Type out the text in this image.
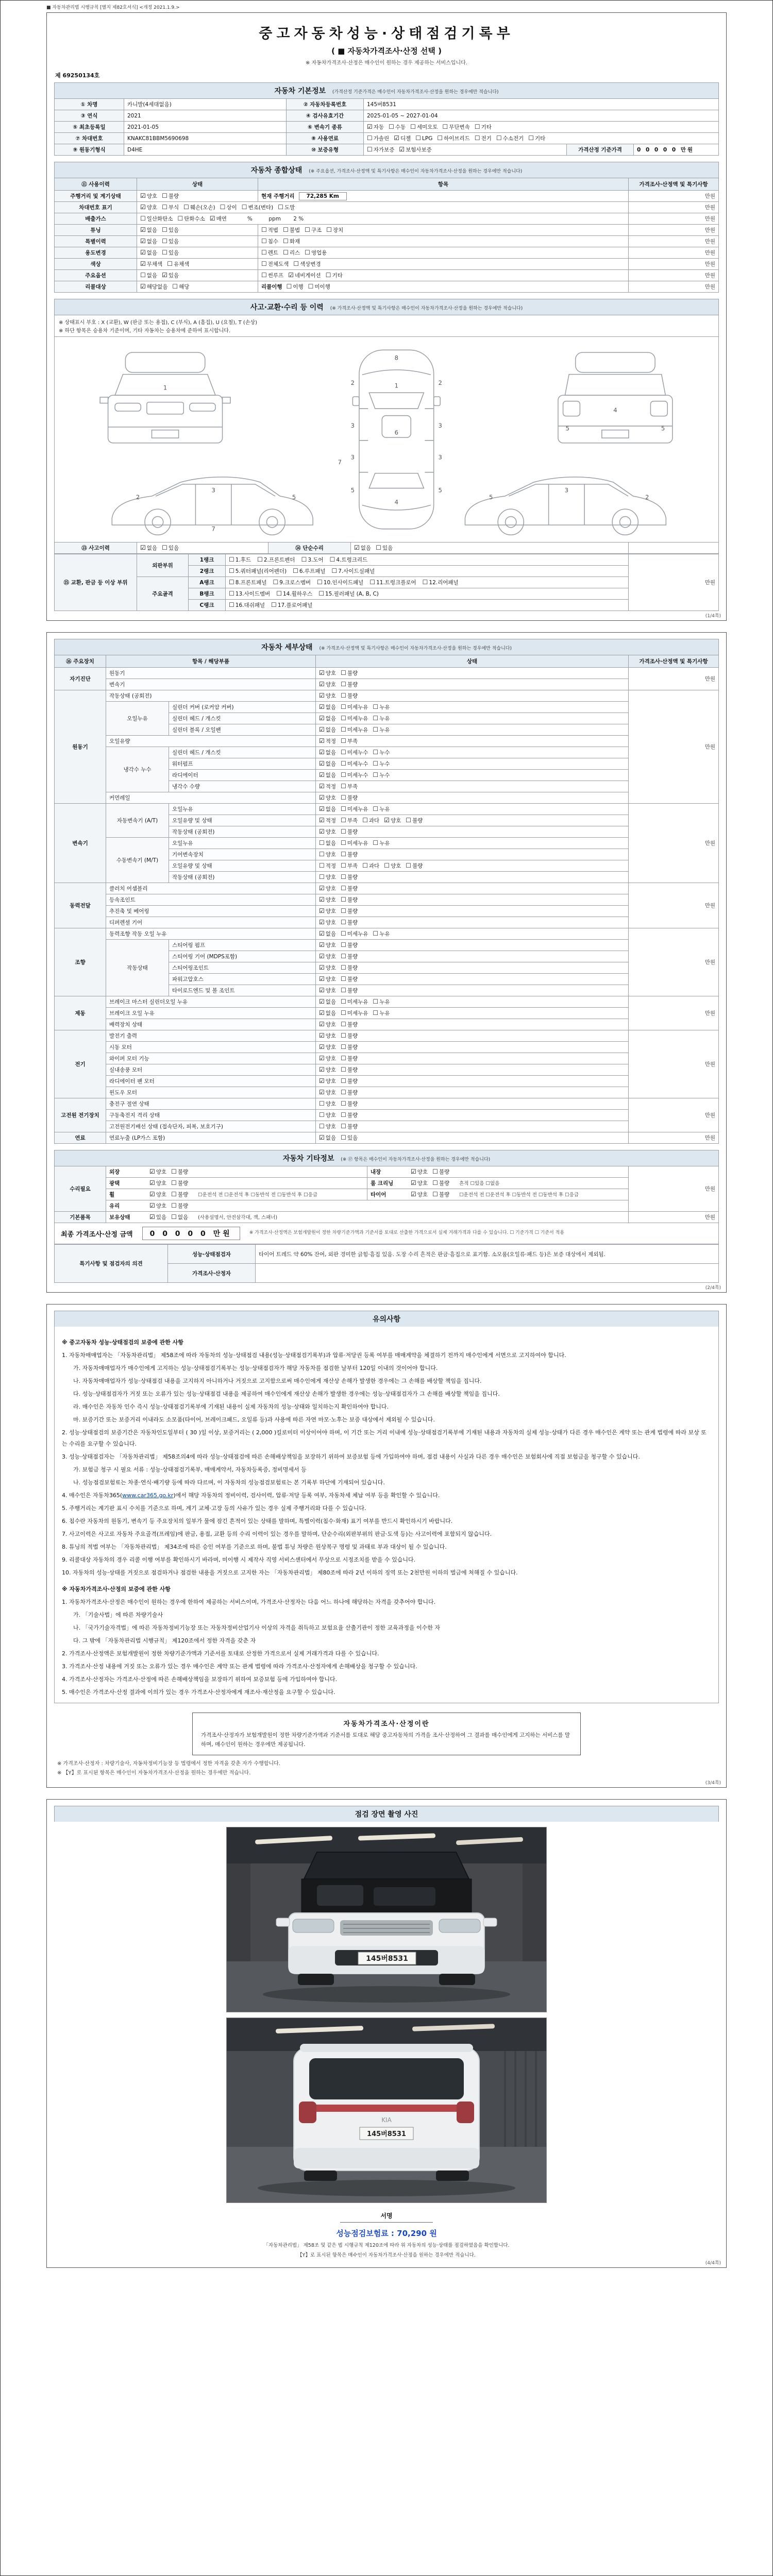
■ 자동차관리법 시행규칙 [별지 제82호서식] <개정 2021.1.9.>
중고자동차성능·상태점검기록부
( ■ 자동차가격조사·산정 선택 )
※ 자동차가격조사·산정은 매수인이 원하는 경우 제공하는 서비스입니다.
제 69250134호
자동차 기본정보 (가격산정 기준가격은 매수인이 자동차가격조사·산정을 원하는 경우에만 적습니다)
① 차명	카니발(4세대없음)	② 자동차등록번호	145버8531		
③ 연식	2021	④ 검사유효기간	2025-01-05 ~ 2027-01-04		
⑤ 최초등록일	2021-01-05	⑥ 변속기 종류	☑ 자동 ☐ 수동 ☐ 세미오토 ☐ 무단변속 ☐ 기타		
⑦ 차대번호	KNAKC81BBM5690698	⑧ 사용연료	☐ 가솔린 ☑ 디젤 ☐ LPG ☐ 하이브리드 ☐ 전기 ☐ 수소전기 ☐ 기타		
⑨ 원동기형식	D4HE	⑩ 보증유형	☐ 자가보증 ☑ 보험사보증	가격산정 기준가격	0 0 0 0 0 만원
자동차 종합상태 (※ 주요옵션, 가격조사·산정액 및 특기사항은 매수인이 자동차가격조사·산정을 원하는 경우에만 적습니다)
⑪ 사용이력	상태	항목	가격조사·산정액 및 특기사항
주행거리 및 계기상태	☑ 양호 ☐ 불량	현재 주행거리 72,285 Km	만원
차대번호 표기	☑ 양호 ☐ 부식 ☐ 훼손(오손) ☐ 상이 ☐ 변조(변타) ☐ 도말		만원
배출가스	☐ 일산화탄소 ☐ 탄화수소 ☑ 매연　　%　　　ppm　　 2 %		만원
튜닝	☑ 없음 ☐ 있음	☐ 적법 ☐ 불법 ☐ 구조 ☐ 장치	만원
특별이력	☑ 없음 ☐ 있음	☐ 침수 ☐ 화재	만원
용도변경	☑ 없음 ☐ 있음	☐ 렌트 ☐ 리스 ☐ 영업용	만원
색상	☑ 무채색 ☐ 유채색	☐ 전체도색 ☐ 색상변경	만원
주요옵션	☐ 없음 ☑ 있음	☐ 썬루프 ☑ 네비게이션 ☐ 기타	만원
리콜대상	☑ 해당없음 ☐ 해당	리콜이행 ☐ 이행 ☐ 미이행	만원
사고·교환·수리 등 이력 (※ 가격조사·산정액 및 특기사항은 매수인이 자동차가격조사·산정을 원하는 경우에만 적습니다)
※ 상태표시 부호 : X (교환), W (판금 또는 용접), C (부식), A (흠집), U (요철), T (손상)
※ 하단 항목은 승용차 기준이며, 기타 자동차는 승용차에 준하여 표시합니다.
1
4
5	5
1
8
6
4
2	2
3	3
3	3
5	5
7
2
3
5
7
5
3
2
⑬ 사고이력	☑ 없음 ☐ 있음	⑭ 단순수리	☑ 없음 ☐ 있음	
⑮ 교환, 판금 등 이상 부위	외판부위	1랭크	☐ 1.후드 ☐ 2.프론트펜더 ☐ 3.도어 ☐ 4.트렁크리드	만원
		2랭크	☐ 5.쿼터패널(리어펜더) ☐ 6.루프패널 ☐ 7.사이드실패널	
	주요골격	A랭크	☐ 8.프론트패널 ☐ 9.크로스멤버 ☐ 10.인사이드패널 ☐ 11.트렁크플로어 ☐ 12.리어패널	
		B랭크	☐ 13.사이드멤버 ☐ 14.휠하우스 ☐ 15.필러패널 (A, B, C)	
		C랭크	☐ 16.대쉬패널 ☐ 17.플로어패널	
(1/4쪽)
자동차 세부상태 (※ 가격조사·산정액 및 특기사항은 매수인이 자동차가격조사·산정을 원하는 경우에만 적습니다)
⑯ 주요장치	항목 / 해당부품		상태	가격조사·산정액 및 특기사항
자기진단	원동기		☑ 양호 ☐ 불량	만원
	변속기		☑ 양호 ☐ 불량	
원동기	작동상태 (공회전)		☑ 양호 ☐ 불량	만원
	오일누유	실린더 커버 (로커암 커버)	☑ 없음 ☐ 미세누유 ☐ 누유	
		실린더 헤드 / 개스킷	☑ 없음 ☐ 미세누유 ☐ 누유	
		실린더 블록 / 오일팬	☑ 없음 ☐ 미세누유 ☐ 누유	
	오일유량		☑ 적정 ☐ 부족	
	냉각수 누수	실린더 헤드 / 개스킷	☑ 없음 ☐ 미세누수 ☐ 누수	
		워터펌프	☑ 없음 ☐ 미세누수 ☐ 누수	
		라디에이터	☑ 없음 ☐ 미세누수 ☐ 누수	
		냉각수 수량	☑ 적정 ☐ 부족	
	커먼레일		☑ 양호 ☐ 불량	
변속기	자동변속기 (A/T)	오일누유	☑ 없음 ☐ 미세누유 ☐ 누유	만원
		오일유량 및 상태	☑ 적정 ☐ 부족 ☐ 과다 ☑ 양호 ☐ 불량	
		작동상태 (공회전)	☑ 양호 ☐ 불량	
	수동변속기 (M/T)	오일누유	☐ 없음 ☐ 미세누유 ☐ 누유	
		기어변속장치	☐ 양호 ☐ 불량	
		오일유량 및 상태	☐ 적정 ☐ 부족 ☐ 과다 ☐ 양호 ☐ 불량	
		작동상태 (공회전)	☐ 양호 ☐ 불량	
동력전달	클러치 어셈블리		☑ 양호 ☐ 불량	만원
	등속조인트		☑ 양호 ☐ 불량	
	추진축 및 베어링		☑ 양호 ☐ 불량	
	디퍼렌셜 기어		☑ 양호 ☐ 불량	
조향	동력조향 작동 오일 누유		☑ 없음 ☐ 미세누유 ☐ 누유	만원
	작동상태	스티어링 펌프	☑ 양호 ☐ 불량	
		스티어링 기어 (MDPS포함)	☑ 양호 ☐ 불량	
		스티어링조인트	☑ 양호 ☐ 불량	
		파워고압호스	☑ 양호 ☐ 불량	
		타이로드엔드 및 볼 조인트	☑ 양호 ☐ 불량	
제동	브레이크 마스터 실린더오일 누유		☑ 없음 ☐ 미세누유 ☐ 누유	만원
	브레이크 오일 누유		☑ 없음 ☐ 미세누유 ☐ 누유	
	배력장치 상태		☑ 양호 ☐ 불량	
전기	발전기 출력		☑ 양호 ☐ 불량	만원
	시동 모터		☑ 양호 ☐ 불량	
	와이퍼 모터 기능		☑ 양호 ☐ 불량	
	실내송풍 모터		☑ 양호 ☐ 불량	
	라디에이터 팬 모터		☑ 양호 ☐ 불량	
	윈도우 모터		☑ 양호 ☐ 불량	
고전원 전기장치	충전구 절연 상태		☐ 양호 ☐ 불량	만원
	구동축전지 격리 상태		☐ 양호 ☐ 불량	
	고전원전기배선 상태 (접속단자, 피복, 보호기구)		☐ 양호 ☐ 불량	
연료	연료누출 (LP가스 포함)		☑ 없음 ☐ 있음	만원
자동차 기타정보 (※ ⑰ 항목은 매수인이 자동차가격조사·산정을 원하는 경우에만 적습니다)
수리필요	외장 ☑ 양호 ☐ 불량	내장 ☑ 양호 ☐ 불량	만원
	광택 ☑ 양호 ☐ 불량	룸 크리닝 ☑ 양호 ☐ 불량 흔적 ☐있음 ☐없음	
	휠 ☑ 양호 ☐ 불량 ☐운전석 전 ☐운전석 후 ☐동반석 전 ☐동반석 후 ☐응급	타이어 ☑ 양호 ☐ 불량 ☐운전석 전 ☐운전석 후 ☐동반석 전 ☐동반석 후 ☐응급	
	유리 ☑ 양호 ☐ 불량		
기본품목	보유상태 ☑ 있음 ☐ 없음 (사용설명서, 안전삼각대, 잭, 스패너)		만원
최종 가격조사·산정 금액	0 0 0 0 0 만원	※ 가격조사·산정액은 보험개발원이 정한 차량기준가액과 기준서를 토대로 산출한 가격으로서 실제 거래가격과 다를 수 있습니다. ☐ 기준가격 ☐ 기준서 적용
특기사항 및 점검자의 의견	성능·상태점검자	타이어 트레드 약 60% 잔여, 외판 경미한 긁힘·흠집 있음. 도장 수리 흔적은 판금·흠집으로 표기함. 소모품(오일류·패드 등)은 보증 대상에서 제외됨.
	가격조사·산정자	
(2/4쪽)
유의사항

※ 중고자동차 성능·상태점검의 보증에 관한 사항

1. 자동차매매업자는 「자동차관리법」 제58조에 따라 자동차의 성능·상태점검 내용(성능·상태점검기록부)과 압류·저당권 등록 여부를 매매계약을 체결하기 전까지 매수인에게 서면으로 고지하여야 합니다.

가. 자동차매매업자가 매수인에게 고지하는 성능·상태점검기록부는 성능·상태점검자가 해당 자동차를 점검한 날부터 120일 이내의 것이어야 합니다.

나. 자동차매매업자가 성능·상태점검 내용을 고지하지 아니하거나 거짓으로 고지함으로써 매수인에게 재산상 손해가 발생한 경우에는 그 손해를 배상할 책임을 집니다.

다. 성능·상태점검자가 거짓 또는 오류가 있는 성능·상태점검 내용을 제공하여 매수인에게 재산상 손해가 발생한 경우에는 성능·상태점검자가 그 손해를 배상할 책임을 집니다.

라. 매수인은 자동차 인수 즉시 성능·상태점검기록부에 기재된 내용이 실제 자동차의 성능·상태와 일치하는지 확인하여야 합니다.

마. 보증기간 또는 보증거리 이내라도 소모품(타이어, 브레이크패드, 오일류 등)과 사용에 따른 자연 마모·노후는 보증 대상에서 제외될 수 있습니다.

2. 성능·상태점검의 보증기간은 자동차인도일부터 ( 30 )일 이상, 보증거리는 ( 2,000 )킬로미터 이상이어야 하며, 이 기간 또는 거리 이내에 성능·상태점검기록부에 기재된 내용과 자동차의 실제 성능·상태가 다른 경우 매수인은 계약 또는 관계 법령에 따라 보상 또는 수리를 요구할 수 있습니다.

3. 성능·상태점검자는 「자동차관리법」 제58조의4에 따라 성능·상태점검에 따른 손해배상책임을 보장하기 위하여 보증보험 등에 가입하여야 하며, 점검 내용이 사실과 다른 경우 매수인은 보험회사에 직접 보험금을 청구할 수 있습니다.

가. 보험금 청구 시 필요 서류 : 성능·상태점검기록부, 매매계약서, 자동차등록증, 정비명세서 등

나. 성능점검보험료는 차종·연식·배기량 등에 따라 다르며, 이 자동차의 성능점검보험료는 본 기록부 하단에 기재되어 있습니다.

4. 매수인은 자동차365(www.car365.go.kr)에서 해당 자동차의 정비이력, 검사이력, 압류·저당 등록 여부, 자동차세 체납 여부 등을 확인할 수 있습니다.

5. 주행거리는 계기판 표시 수치를 기준으로 하며, 계기 교체·고장 등의 사유가 있는 경우 실제 주행거리와 다를 수 있습니다.

6. 침수란 자동차의 원동기, 변속기 등 주요장치의 일부가 물에 잠긴 흔적이 있는 상태를 말하며, 특별이력(침수·화재) 표기 여부를 반드시 확인하시기 바랍니다.

7. 사고이력은 사고로 자동차 주요골격(프레임)에 판금, 용접, 교환 등의 수리 이력이 있는 경우를 말하며, 단순수리(외판부위의 판금·도색 등)는 사고이력에 포함되지 않습니다.

8. 튜닝의 적법 여부는 「자동차관리법」 제34조에 따른 승인 여부를 기준으로 하며, 불법 튜닝 차량은 원상복구 명령 및 과태료 부과 대상이 될 수 있습니다.

9. 리콜대상 자동차의 경우 리콜 이행 여부를 확인하시기 바라며, 미이행 시 제작사 직영 서비스센터에서 무상으로 시정조치를 받을 수 있습니다.

10. 자동차의 성능·상태를 거짓으로 점검하거나 점검한 내용을 거짓으로 고지한 자는 「자동차관리법」 제80조에 따라 2년 이하의 징역 또는 2천만원 이하의 벌금에 처해질 수 있습니다.

※ 자동차가격조사·산정의 보증에 관한 사항

1. 자동차가격조사·산정은 매수인이 원하는 경우에 한하여 제공하는 서비스이며, 가격조사·산정자는 다음 어느 하나에 해당하는 자격을 갖추어야 합니다.

가. 「기술사법」에 따른 차량기술사

나. 「국가기술자격법」에 따른 자동차정비기능장 또는 자동차정비산업기사 이상의 자격을 취득하고 보험요율 산출기관이 정한 교육과정을 이수한 자

다. 그 밖에 「자동차관리법 시행규칙」 제120조에서 정한 자격을 갖춘 자

2. 가격조사·산정액은 보험개발원이 정한 차량기준가액과 기준서를 토대로 산정한 가격으로서 실제 거래가격과 다를 수 있습니다.

3. 가격조사·산정 내용에 거짓 또는 오류가 있는 경우 매수인은 계약 또는 관계 법령에 따라 가격조사·산정자에게 손해배상을 청구할 수 있습니다.

4. 가격조사·산정자는 가격조사·산정에 따른 손해배상책임을 보장하기 위하여 보증보험 등에 가입하여야 합니다.

5. 매수인은 가격조사·산정 결과에 이의가 있는 경우 가격조사·산정자에게 재조사·재산정을 요구할 수 있습니다.

자동차가격조사·산정이란
가격조사·산정자가 보험개발원이 정한 차량기준가액과 기준서를 토대로 해당 중고자동차의 가격을 조사·산정하여 그 결과를 매수인에게 고지하는 서비스를 말하며, 매수인이 원하는 경우에만 제공됩니다.
※ 가격조사·산정자 : 차량기술사, 자동차정비기능장 등 법령에서 정한 자격을 갖춘 자가 수행합니다.
※ 【Y】로 표시된 항목은 매수인이 자동차가격조사·산정을 원하는 경우에만 적습니다.
(3/4쪽)
점검 장면 촬영 사진
145버8531
KIA
145버8531
서명
성능점검보험료 : 70,290 원
「자동차관리법」 제58조 및 같은 법 시행규칙 제120조에 따라 위 자동차의 성능·상태를 점검하였음을 확인합니다.
【Y】로 표시된 항목은 매수인이 자동차가격조사·산정을 원하는 경우에만 적습니다.
(4/4쪽)
